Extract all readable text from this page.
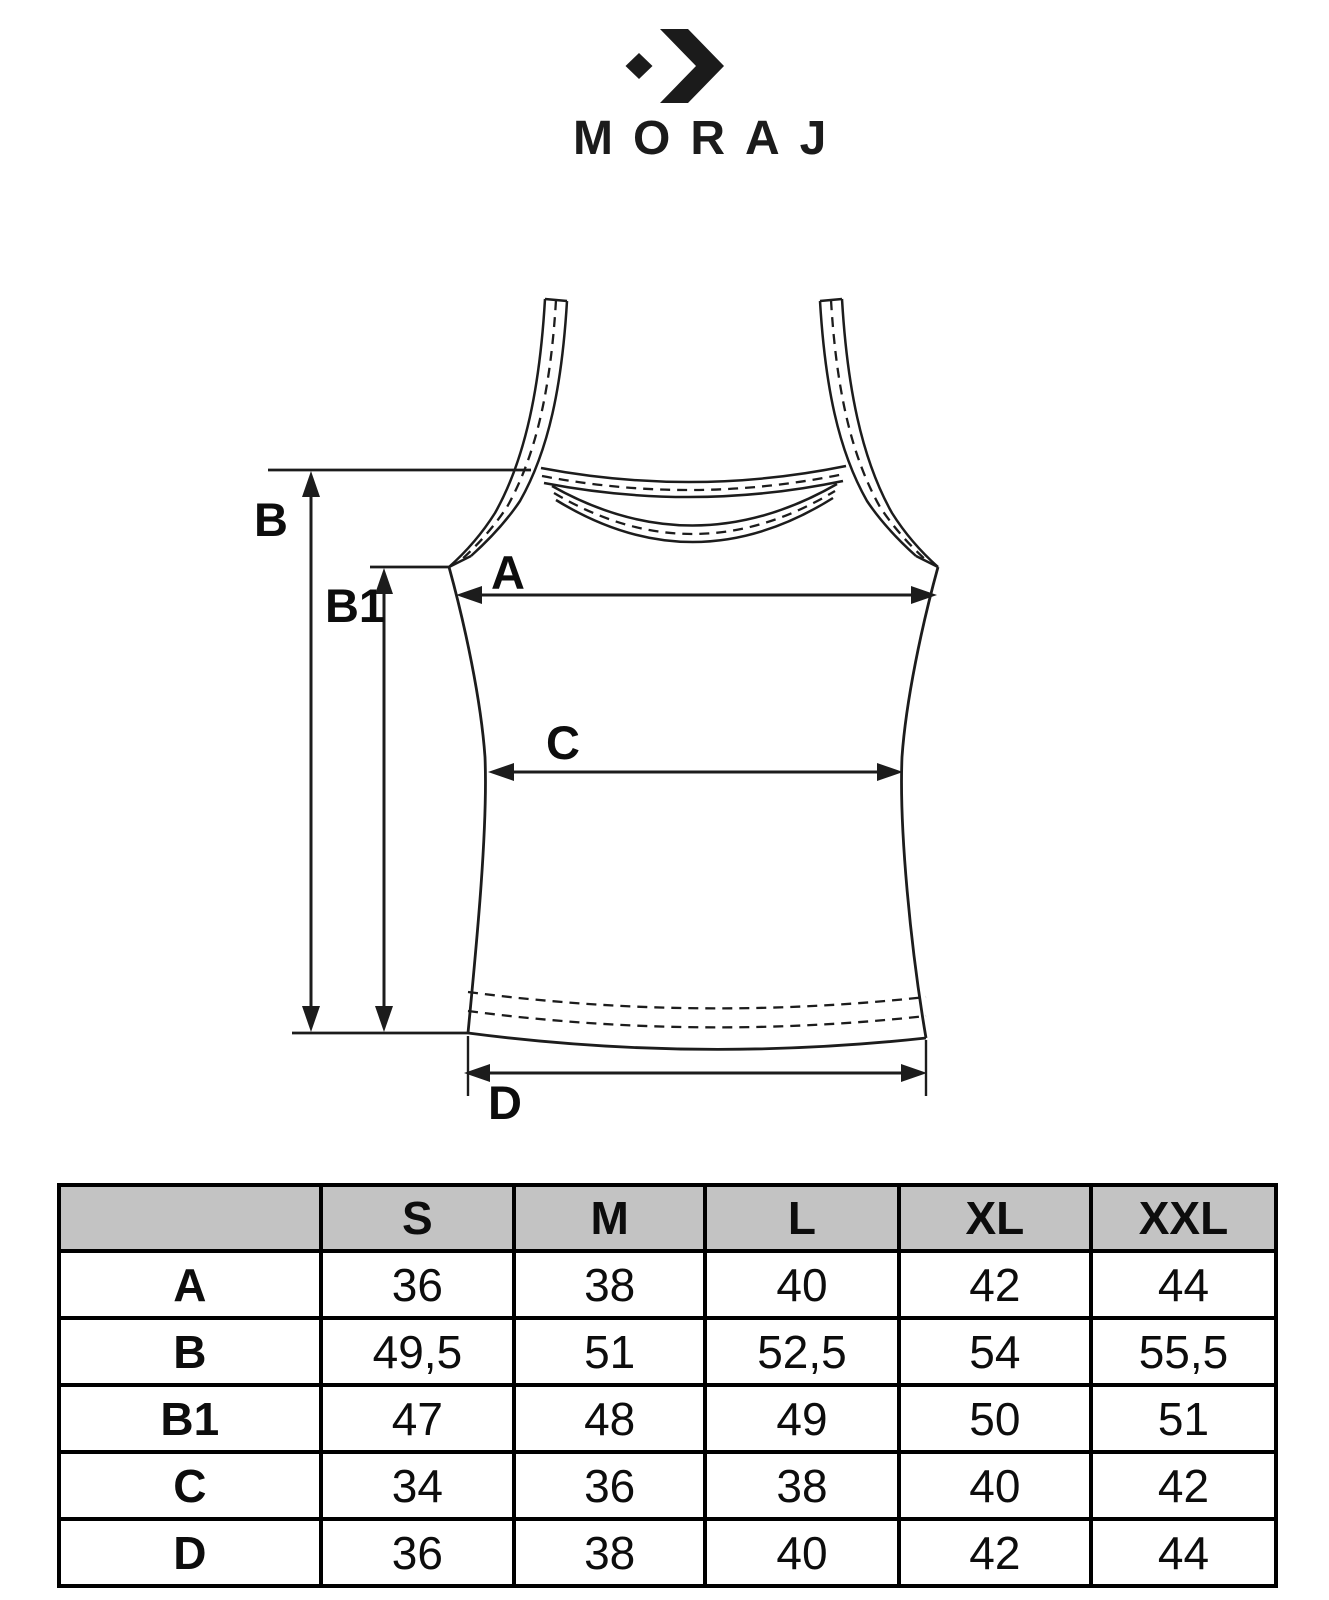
MORAJ
B
B1
A
C
D
	S	M	L	XL	XXL
A	36	38	40	42	44
B	49,5	51	52,5	54	55,5
B1	47	48	49	50	51
C	34	36	38	40	42
D	36	38	40	42	44
